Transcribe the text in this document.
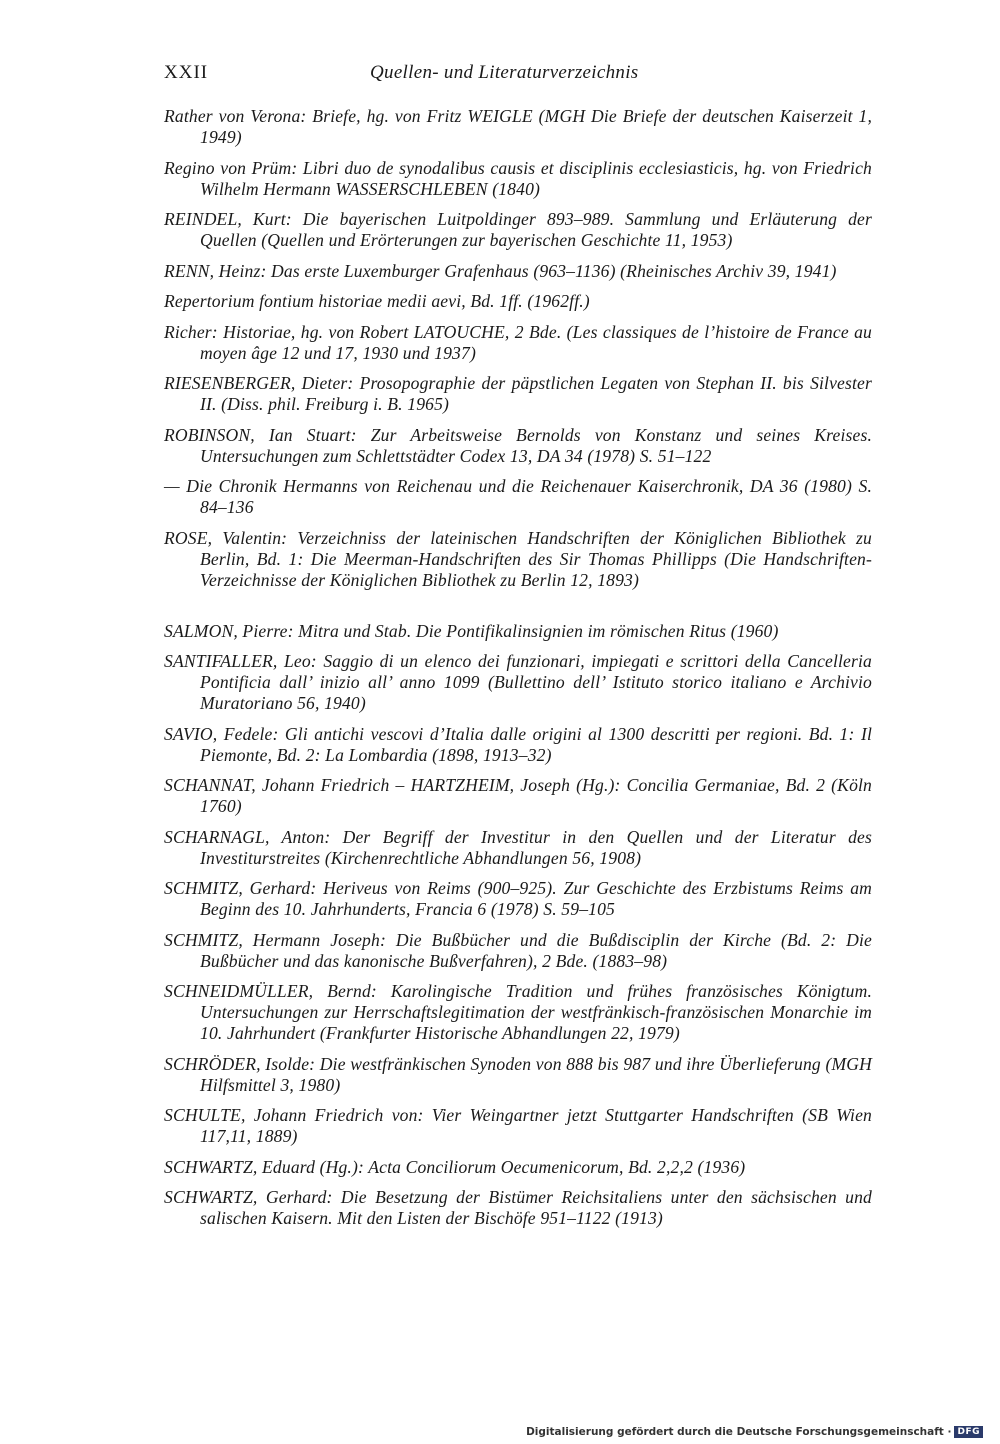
XXII	Quellen- und Literaturverzeichnis

Rather von Verona: Briefe, hg. von Fritz WEIGLE (MGH Die Briefe der deutschen Kaiserzeit 1, 1949)

Regino von Prüm: Libri duo de synodalibus causis et disciplinis ecclesiasticis, hg. von Friedrich Wilhelm Hermann WASSERSCHLEBEN (1840)

REINDEL, Kurt: Die bayerischen Luitpoldinger 893–989. Sammlung und Erläuterung der Quellen (Quellen und Erörterungen zur bayerischen Geschichte 11, 1953)

RENN, Heinz: Das erste Luxemburger Grafenhaus (963–1136) (Rheinisches Archiv 39, 1941)

Repertorium fontium historiae medii aevi, Bd. 1ff. (1962ff.)

Richer: Historiae, hg. von Robert LATOUCHE, 2 Bde. (Les classiques de l’histoire de France au moyen âge 12 und 17, 1930 und 1937)

RIESENBERGER, Dieter: Prosopographie der päpstlichen Legaten von Stephan II. bis Silvester II. (Diss. phil. Freiburg i. B. 1965)

ROBINSON, Ian Stuart: Zur Arbeitsweise Bernolds von Konstanz und seines Kreises. Untersuchungen zum Schlettstädter Codex 13, DA 34 (1978) S. 51–122

— Die Chronik Hermanns von Reichenau und die Reichenauer Kaiserchronik, DA 36 (1980) S. 84–136

ROSE, Valentin: Verzeichniss der lateinischen Handschriften der Königlichen Bibliothek zu Berlin, Bd. 1: Die Meerman-Handschriften des Sir Thomas Phillipps (Die Handschriften-Verzeichnisse der Königlichen Bibliothek zu Berlin 12, 1893)

SALMON, Pierre: Mitra und Stab. Die Pontifikalinsignien im römischen Ritus (1960)

SANTIFALLER, Leo: Saggio di un elenco dei funzionari, impiegati e scrittori della Cancelleria Pontificia dall’ inizio all’ anno 1099 (Bullettino dell’ Istituto storico italiano e Archivio Muratoriano 56, 1940)

SAVIO, Fedele: Gli antichi vescovi d’Italia dalle origini al 1300 descritti per regioni. Bd. 1: Il Piemonte, Bd. 2: La Lombardia (1898, 1913–32)

SCHANNAT, Johann Friedrich – HARTZHEIM, Joseph (Hg.): Concilia Germaniae, Bd. 2 (Köln 1760)

SCHARNAGL, Anton: Der Begriff der Investitur in den Quellen und der Literatur des Investiturstreites (Kirchenrechtliche Abhandlungen 56, 1908)

SCHMITZ, Gerhard: Heriveus von Reims (900–925). Zur Geschichte des Erzbistums Reims am Beginn des 10. Jahrhunderts, Francia 6 (1978) S. 59–105

SCHMITZ, Hermann Joseph: Die Bußbücher und die Bußdisciplin der Kirche (Bd. 2: Die Bußbücher und das kanonische Bußverfahren), 2 Bde. (1883–98)

SCHNEIDMÜLLER, Bernd: Karolingische Tradition und frühes französisches Königtum. Untersuchungen zur Herrschaftslegitimation der westfränkisch-französischen Monarchie im 10. Jahrhundert (Frankfurter Historische Abhandlungen 22, 1979)

SCHRÖDER, Isolde: Die westfränkischen Synoden von 888 bis 987 und ihre Überlieferung (MGH Hilfsmittel 3, 1980)

SCHULTE, Johann Friedrich von: Vier Weingartner jetzt Stuttgarter Handschriften (SB Wien 117,11, 1889)

SCHWARTZ, Eduard (Hg.): Acta Conciliorum Oecumenicorum, Bd. 2,2,2 (1936)

SCHWARTZ, Gerhard: Die Besetzung der Bistümer Reichsitaliens unter den sächsischen und salischen Kaisern. Mit den Listen der Bischöfe 951–1122 (1913)

Digitalisierung gefördert durch die Deutsche Forschungsgemeinschaft · DFG
